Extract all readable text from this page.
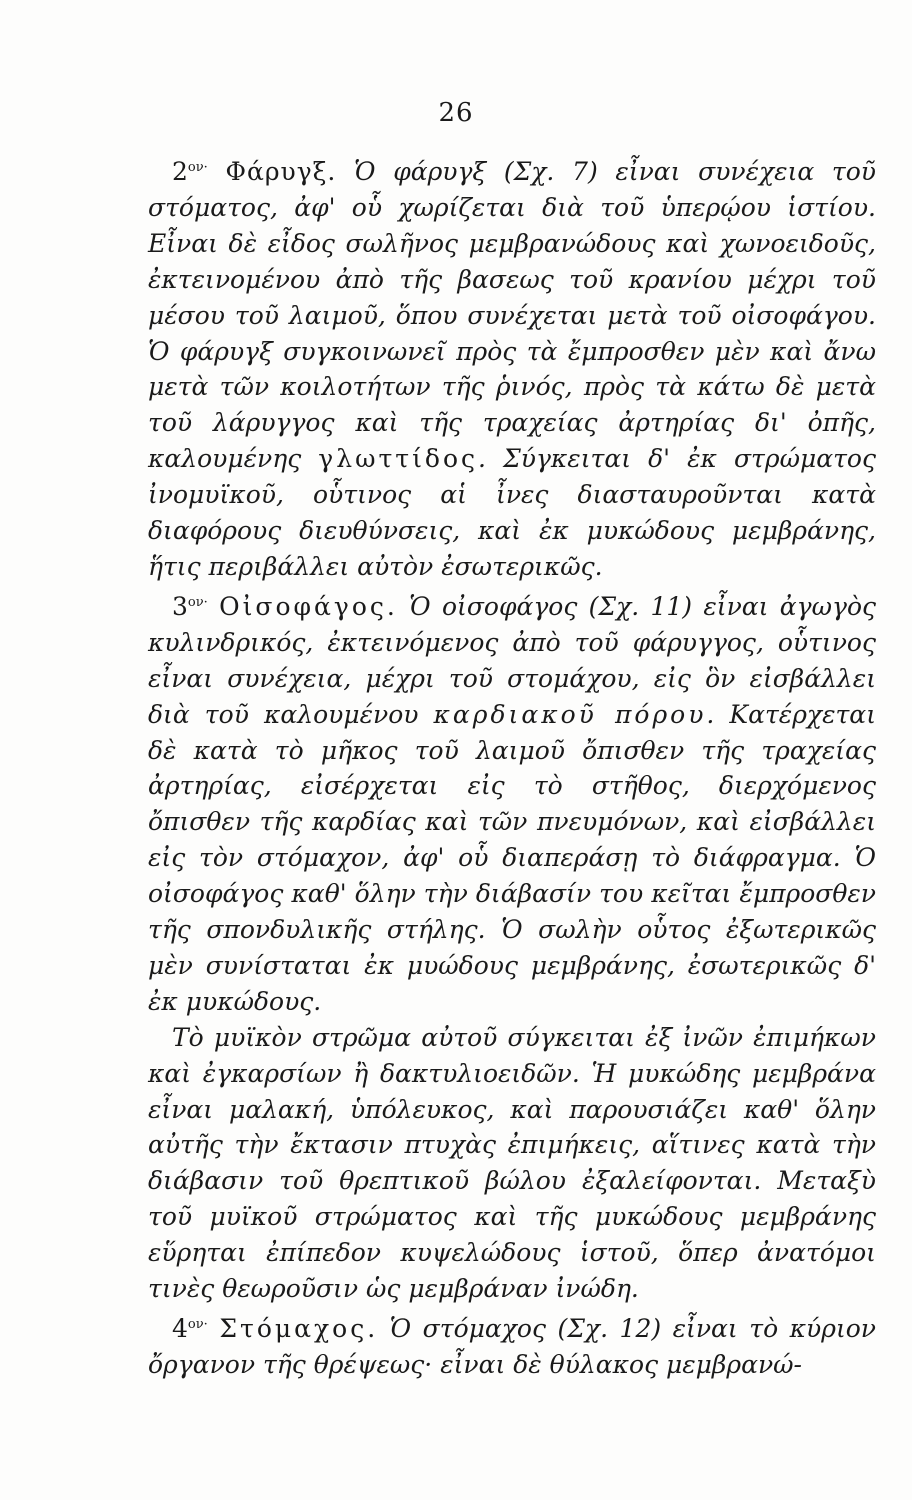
26

$2^{o\nu\cdot}$ Φάρυγξ. Ὁ φάρυγξ (Σχ. 7) εἶναι συνέχεια τοῦ στόματος, ἀφ' οὗ χωρίζεται διὰ τοῦ ὑπερῴου ἱστίου. Εἶναι δὲ εἶδος σωλῆνος μεμβρανώδους καὶ χωνοειδοῦς, ἐκτεινομένου ἀπὸ τῆς βασεως τοῦ κρανίου μέχρι τοῦ μέσου τοῦ λαιμοῦ, ὅπου συνέχεται μετὰ τοῦ οἰσοφάγου. Ὁ φάρυγξ συγκοινωνεῖ πρὸς τὰ ἔμπροσθεν μὲν καὶ ἄνω μετὰ τῶν κοιλοτήτων τῆς ῥινός, πρὸς τὰ κάτω δὲ μετὰ τοῦ λάρυγγος καὶ τῆς τραχείας ἀρτηρίας δι' ὀπῆς, καλουμένης γλωττίδος. Σύγκειται δ' ἐκ στρώματος ἰνομυϊκοῦ, οὗτινος αἱ ἶνες διασταυροῦνται κατὰ διαφόρους διευθύνσεις, καὶ ἐκ μυκώδους μεμβράνης, ἥτις περιβάλλει αὐτὸν ἐσωτερικῶς.

$3^{o\nu\cdot}$ Οἰσοφάγος. Ὁ οἰσοφάγος (Σχ. 11) εἶναι ἀγωγὸς κυλινδρικός, ἐκτεινόμενος ἀπὸ τοῦ φάρυγγος, οὗτινος εἶναι συνέχεια, μέχρι τοῦ στομάχου, εἰς ὃν εἰσβάλλει διὰ τοῦ καλουμένου καρδιακοῦ πόρου. Κατέρχεται δὲ κατὰ τὸ μῆκος τοῦ λαιμοῦ ὄπισθεν τῆς τραχείας ἀρτηρίας, εἰσέρχεται εἰς τὸ στῆθος, διερχόμενος ὄπισθεν τῆς καρδίας καὶ τῶν πνευμόνων, καὶ εἰσβάλλει εἰς τὸν στόμαχον, ἀφ' οὗ διαπεράσῃ τὸ διάφραγμα. Ὁ οἰσοφάγος καθ' ὅλην τὴν διάβασίν του κεῖται ἔμπροσθεν τῆς σπονδυλικῆς στήλης. Ὁ σωλὴν οὗτος ἐξωτερικῶς μὲν συνίσταται ἐκ μυώδους μεμβράνης, ἐσωτερικῶς δ' ἐκ μυκώδους.

Τὸ μυϊκὸν στρῶμα αὐτοῦ σύγκειται ἐξ ἰνῶν ἐπιμήκων καὶ ἐγκαρσίων ἢ δακτυλιοειδῶν. Ἡ μυκώδης μεμβράνα εἶναι μαλακή, ὑπόλευκος, καὶ παρουσιάζει καθ' ὅλην αὐτῆς τὴν ἔκτασιν πτυχὰς ἐπιμήκεις, αἵτινες κατὰ τὴν διάβασιν τοῦ θρεπτικοῦ βώλου ἐξαλείφονται. Μεταξὺ τοῦ μυϊκοῦ στρώματος καὶ τῆς μυκώδους μεμβράνης εὕρηται ἐπίπεδον κυψελώδους ἱστοῦ, ὅπερ ἀνατόμοι τινὲς θεωροῦσιν ὡς μεμβράναν ἰνώδη.

$4^{o\nu\cdot}$ Στόμαχος. Ὁ στόμαχος (Σχ. 12) εἶναι τὸ κύριον ὄργανον τῆς θρέψεως· εἶναι δὲ θύλακος μεμβρανώ-
